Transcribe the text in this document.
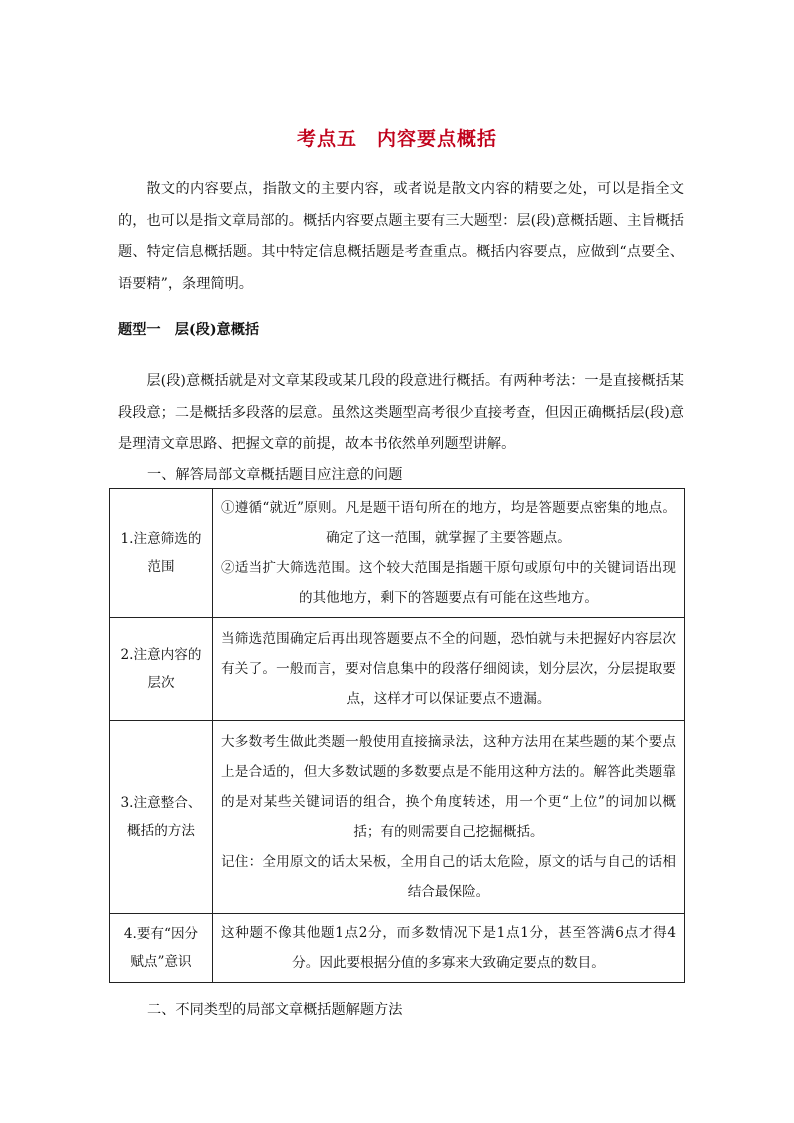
考点五　内容要点概括

散文的内容要点，指散文的主要内容，或者说是散文内容的精要之处，可以是指全文的，也可以是指文章局部的。概括内容要点题主要有三大题型：层(段)意概括题、主旨概括题、特定信息概括题。其中特定信息概括题是考查重点。概括内容要点，应做到“点要全、语要精”，条理简明。

题型一　层(段)意概括

层(段)意概括就是对文章某段或某几段的段意进行概括。有两种考法：一是直接概括某段段意；二是概括多段落的层意。虽然这类题型高考很少直接考查，但因正确概括层(段)意是理清文章思路、把握文章的前提，故本书依然单列题型讲解。

一、解答局部文章概括题目应注意的问题
1.注意筛选的范围	①遵循“就近”原则。凡是题干语句所在的地方，均是答题要点密集的地点。确定了这一范围，就掌握了主要答题点。
②适当扩大筛选范围。这个较大范围是指题干原句或原句中的关键词语出现的其他地方，剩下的答题要点有可能在这些地方。

2.注意内容的层次	当筛选范围确定后再出现答题要点不全的问题，恐怕就与未把握好内容层次有关了。一般而言，要对信息集中的段落仔细阅读，划分层次，分层提取要点，这样才可以保证要点不遗漏。

3.注意整合、概括的方法	大多数考生做此类题一般使用直接摘录法，这种方法用在某些题的某个要点上是合适的，但大多数试题的多数要点是不能用这种方法的。解答此类题靠的是对某些关键词语的组合，换个角度转述，用一个更“上位”的词加以概括；有的则需要自己挖掘概括。
记住：全用原文的话太呆板，全用自己的话太危险，原文的话与自己的话相结合最保险。

4.要有“因分赋点”意识	这种题不像其他题1点2分，而多数情况下是1点1分，甚至答满6点才得4分。因此要根据分值的多寡来大致确定要点的数目。
二、不同类型的局部文章概括题解题方法
